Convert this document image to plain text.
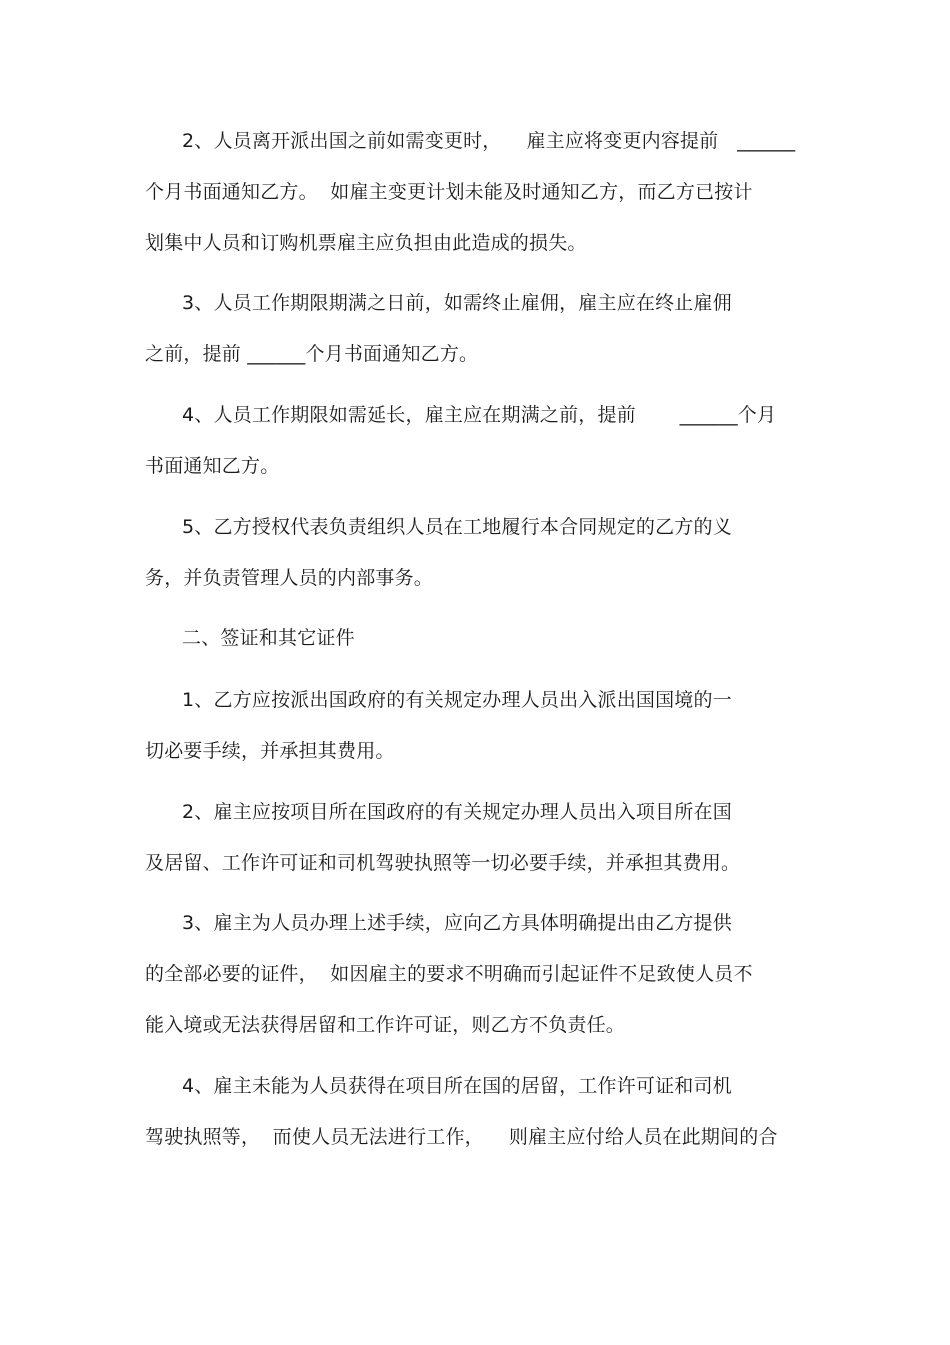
2、人员离开派出国之前如需变更时，    雇主应将变更内容提前   ______
个月书面通知乙方。  如雇主变更计划未能及时通知乙方，而乙方已按计
划集中人员和订购机票雇主应负担由此造成的损失。
3、人员工作期限期满之日前，如需终止雇佣，雇主应在终止雇佣
之前，提前 ______个月书面通知乙方。
4、人员工作期限如需延长，雇主应在期满之前，提前       ______个月
书面通知乙方。
5、乙方授权代表负责组织人员在工地履行本合同规定的乙方的义
务，并负责管理人员的内部事务。
二、签证和其它证件
1、乙方应按派出国政府的有关规定办理人员出入派出国国境的一
切必要手续，并承担其费用。
2、雇主应按项目所在国政府的有关规定办理人员出入项目所在国
及居留、工作许可证和司机驾驶执照等一切必要手续，并承担其费用。
3、雇主为人员办理上述手续，应向乙方具体明确提出由乙方提供
的全部必要的证件，  如因雇主的要求不明确而引起证件不足致使人员不
能入境或无法获得居留和工作许可证，则乙方不负责任。
4、雇主未能为人员获得在项目所在国的居留，工作许可证和司机
驾驶执照等，  而使人员无法进行工作，    则雇主应付给人员在此期间的合
